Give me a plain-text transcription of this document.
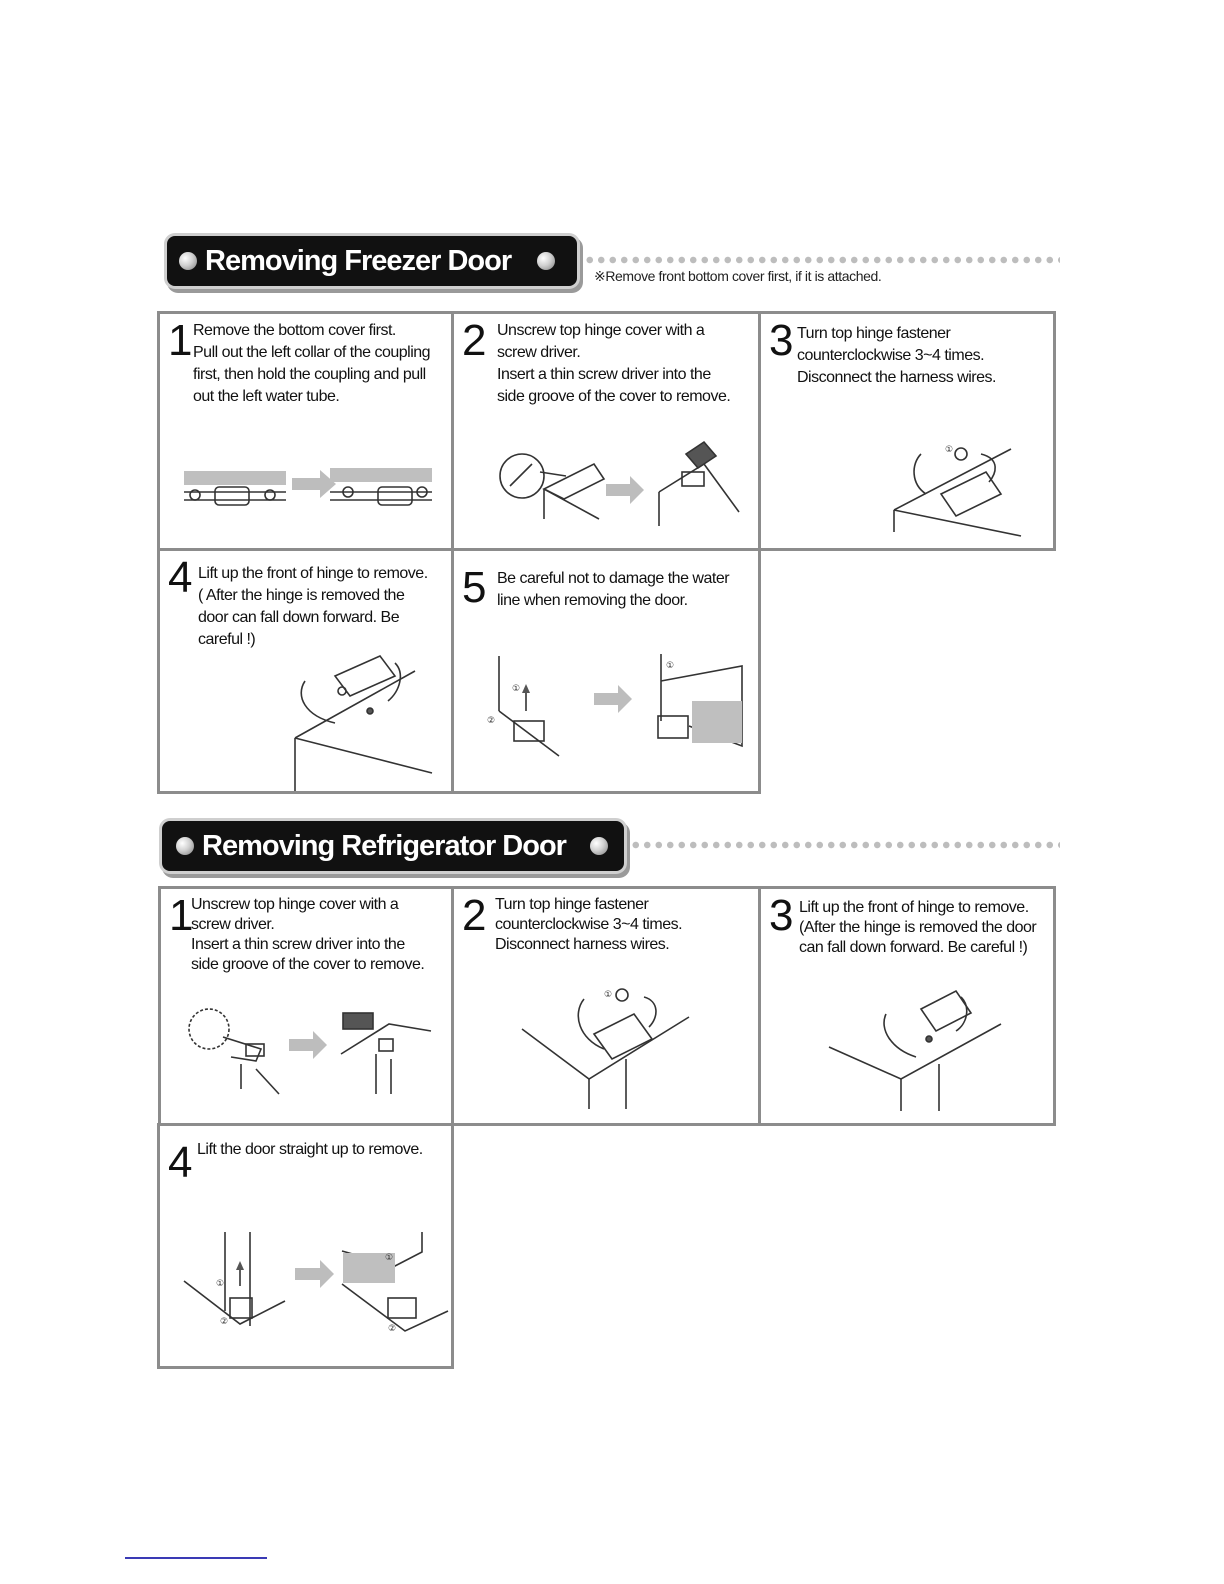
Removing Freezer Door	※Remove front bottom cover first, if it is attached.
1 Remove the bottom cover first.
Pull out the left collar of the coupling
first, then hold the coupling and pull
out the left water tube.
2 Unscrew top hinge cover with a
screw driver.
Insert a thin screw driver into the
side groove of the cover to remove.
3 Turn top hinge fastener
counterclockwise 3~4 times.
Disconnect the harness wires.
①
4 Lift up the front of hinge to remove.
( After the hinge is removed the
door can fall down forward. Be
careful !)
5 Be careful not to damage the water
line when removing the door.
①
②
①
Removing Refrigerator Door
1
Unscrew top hinge cover with a
screw driver.
Insert a thin screw driver into the
side groove of the cover to remove.
2 Turn top hinge fastener
counterclockwise 3~4 times.
Disconnect harness wires.
①
3 Lift up the front of hinge to remove.
(After the hinge is removed the door
can fall down forward. Be careful !)
4 Lift the door straight up to remove.
①
②
①
②
